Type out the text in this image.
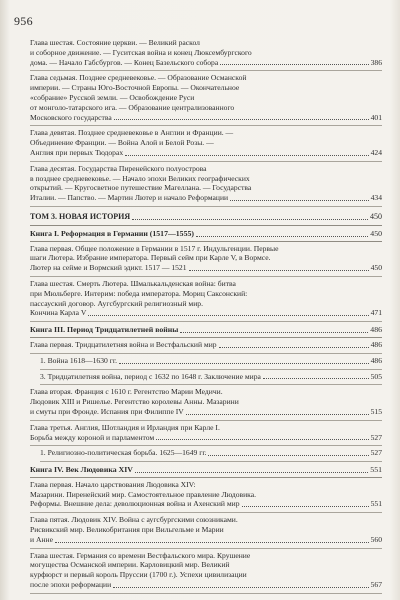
956
Глава шестая. Состояние церкви. — Великий раскол
и соборное движение. — Гуситская война и конец Люксембургского
дома. — Начало Габсбургов. — Конец Базельского собора	386
Глава седьмая. Позднее средневековье. — Образование Османской
империи. — Страны Юго-Восточной Европы. — Окончательное
«собрание» Русской земли. — Освобождение Руси
от монголо-татарского ига. — Образование централизованного
Московского государства	401
Глава девятая. Позднее средневековье в Англии и Франции. —
Объединение Франции. — Война Алой и Белой Розы. —
Англия при первых Тюдорах	424
Глава десятая. Государства Пиренейского полуострова
в позднее средневековье. — Начало эпохи Великих географических
открытий. — Кругосветное путешествие Магеллана. — Государства
Италии. — Папство. — Мартин Лютер и начало Реформации	434
ТОМ 3. НОВАЯ ИСТОРИЯ	450
Книга I. Реформация в Германии (1517—1555)	450
Глава первая. Общее положение в Германии в 1517 г. Индульгенции. Первые
шаги Лютера. Избрание императора. Первый сейм при Карле V, в Вормсе.
Лютер на сейме и Вормский эдикт. 1517 — 1521	450
Глава шестая. Смерть Лютера. Шмалькальденская война: битва
при Мюльберге. Интерим: победа императора. Мориц Саксонский:
пассауский договор. Аугсбургский религиозный мир.
Кончина Карла V	471
Книга III. Период Тридцатилетней войны	486
Глава первая. Тридцатилетняя война и Вестфальский мир	486
1. Война 1618—1630 гг.	486
3. Тридцатилетняя война, период с 1632 по 1648 г. Заключение мира	505
Глава вторая. Франция с 1610 г. Регентство Марии Медичи.
Людовик XIII и Ришелье. Регентство королевы Анны. Мазарини
и смуты при Фронде. Испания при Филиппе IV	515
Глава третья. Англия, Шотландия и Ирландия при Карле I.
Борьба между короной и парламентом	527
1. Религиозно-политическая борьба. 1625—1649 гг.	527
Книга IV. Век Людовика XIV	551
Глава первая. Начало царствования Людовика XIV:
Мазарини. Пиренейский мир. Самостоятельное правление Людовика.
Реформы. Внешние дела: деволюционная война и Ахенский мир	551
Глава пятая. Людовик XIV. Война с аугсбургскими союзниками.
Рисвикский мир. Великобритания при Вильгельме и Марии
и Анне	560
Глава шестая. Германия со времени Вестфальского мира. Крушение
могущества Османской империи. Карловицкий мир. Великий
курфюрст и первый король Пруссии (1700 г.). Успехи цивилизации
после эпохи реформации	567
